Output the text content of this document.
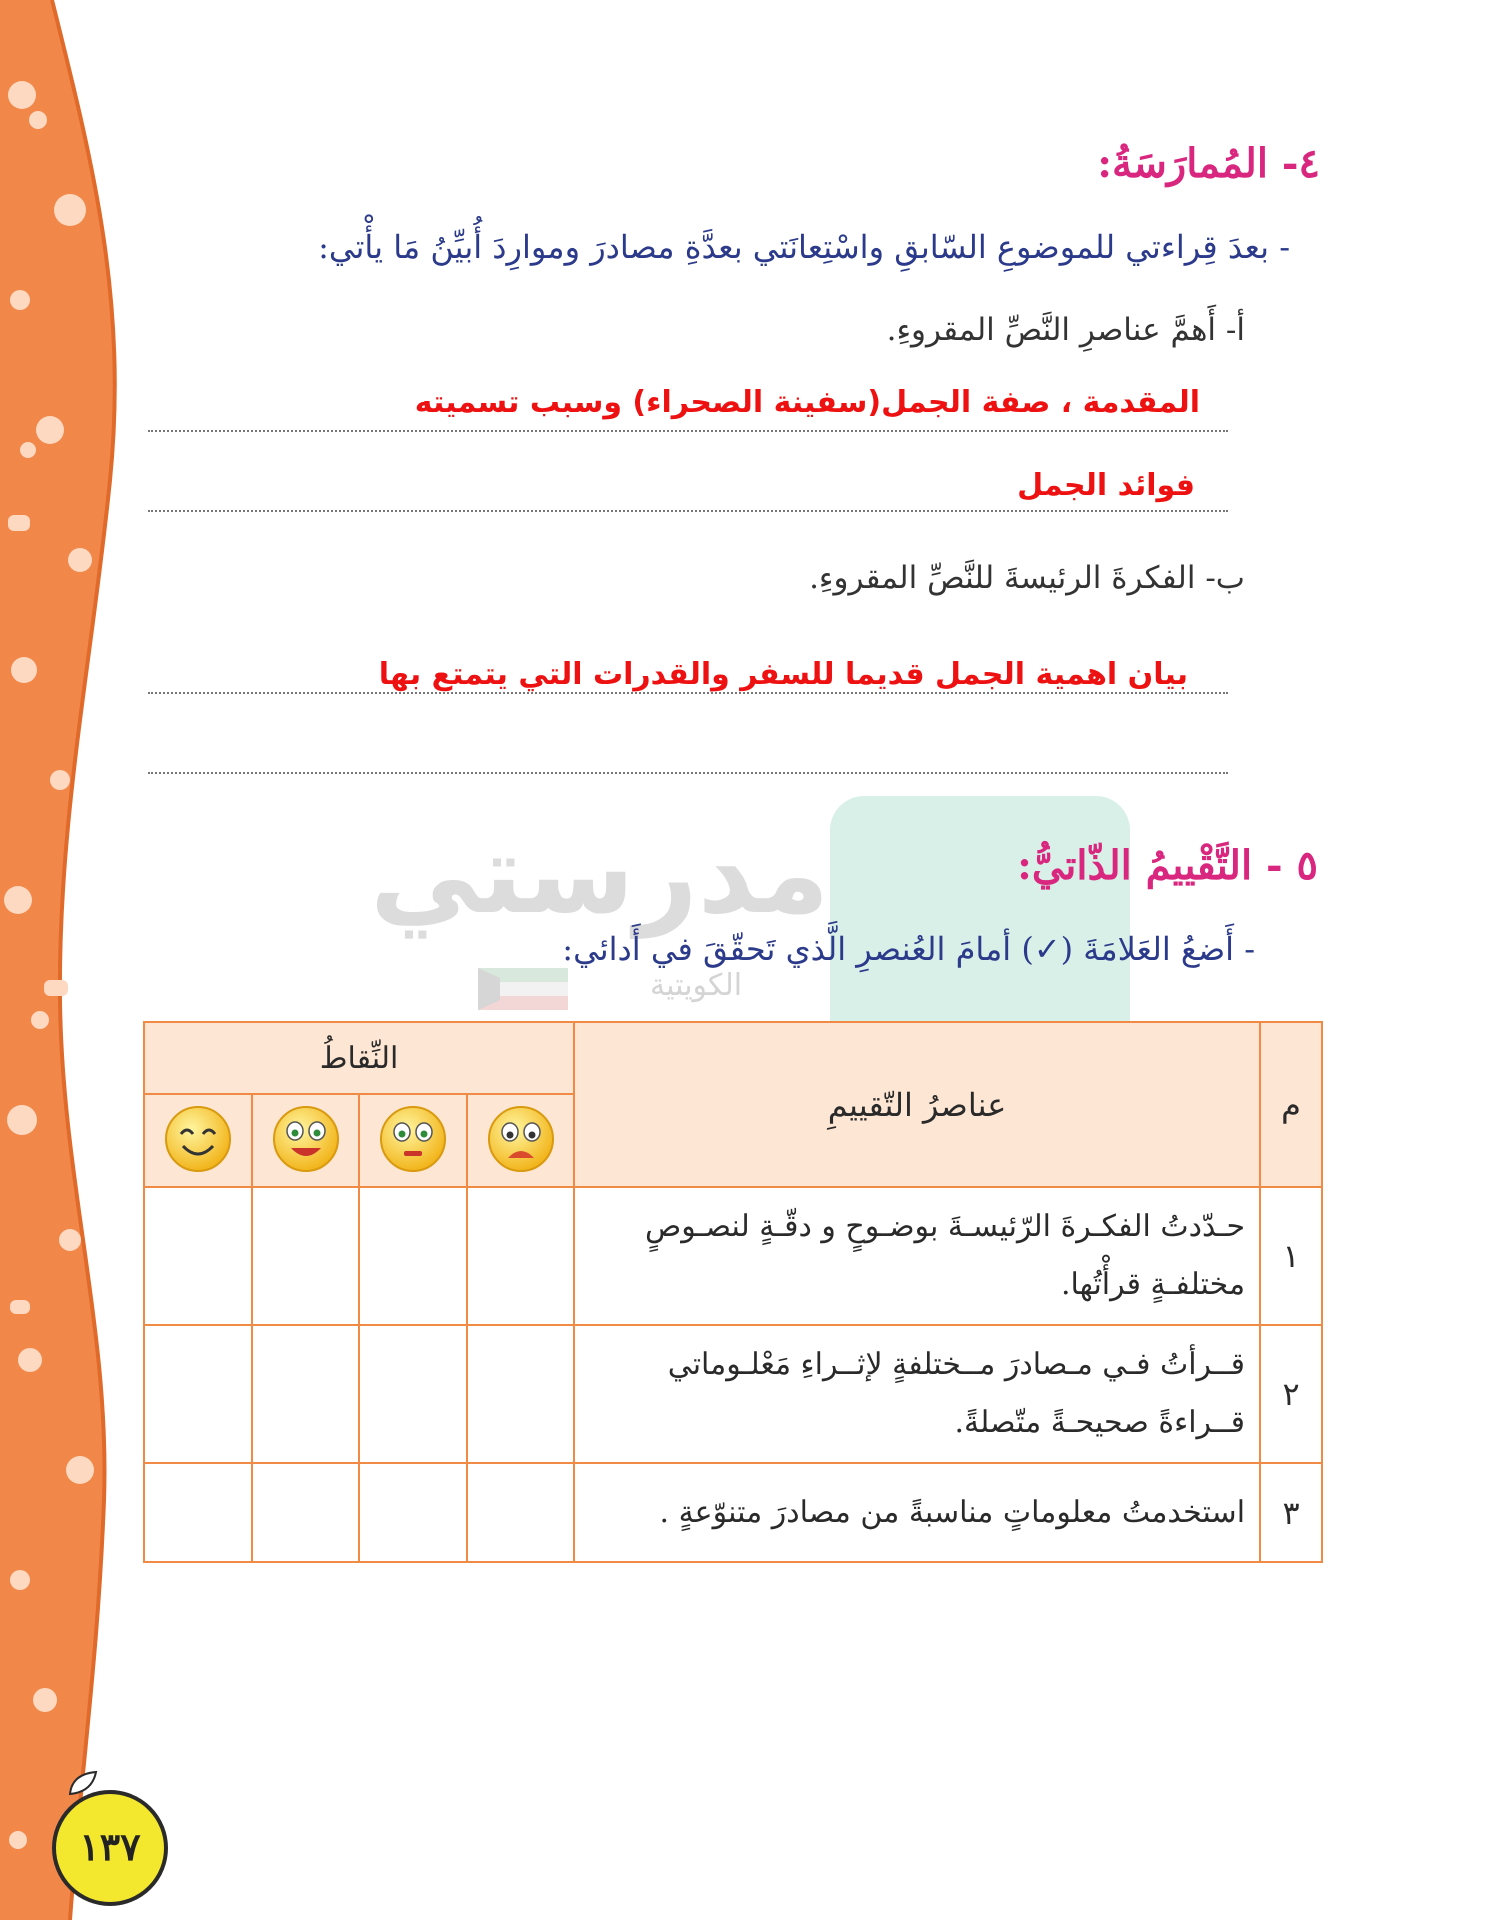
مدرستي
الكويتية
٤- المُمارَسَةُ:
- بعدَ قِراءتي للموضوعِ السّابقِ واسْتِعانَتي بعدَّةِ مصادرَ وموارِدَ أُبيِّنُ مَا يأْتي:
أ- أَهمَّ عناصرِ النَّصِّ المقروءِ.
المقدمة ، صفة الجمل(سفينة الصحراء) وسبب تسميته
فوائد الجمل
ب- الفكرةَ الرئيسةَ للنَّصِّ المقروءِ.
بيان اهمية الجمل قديما للسفر والقدرات التي يتمتع بها
٥ - التَّقْييمُ الذّاتيُّ:
- أَضعُ العَلامَةَ (✓) أمامَ العُنصرِ الَّذي تَحقّقَ في أَدائي:
م	عناصرُ التّقييمِ	النِّقاطُ			

١	حـدّدتُ الفكـرةَ الرّئيسـةَ بوضـوحٍ و دقّـةٍ لنصـوصٍ
مختلفـةٍ قرأْتُها.				

٢	قــرأتُ فـي مـصادرَ مــختلفةٍ لإثــراءِ مَعْلـوماتي
قــراءةً صحيحـةً متّصلةً.				

٣	استخدمتُ معلوماتٍ مناسبةً من مصادرَ متنوّعةٍ .				

١٣٧
